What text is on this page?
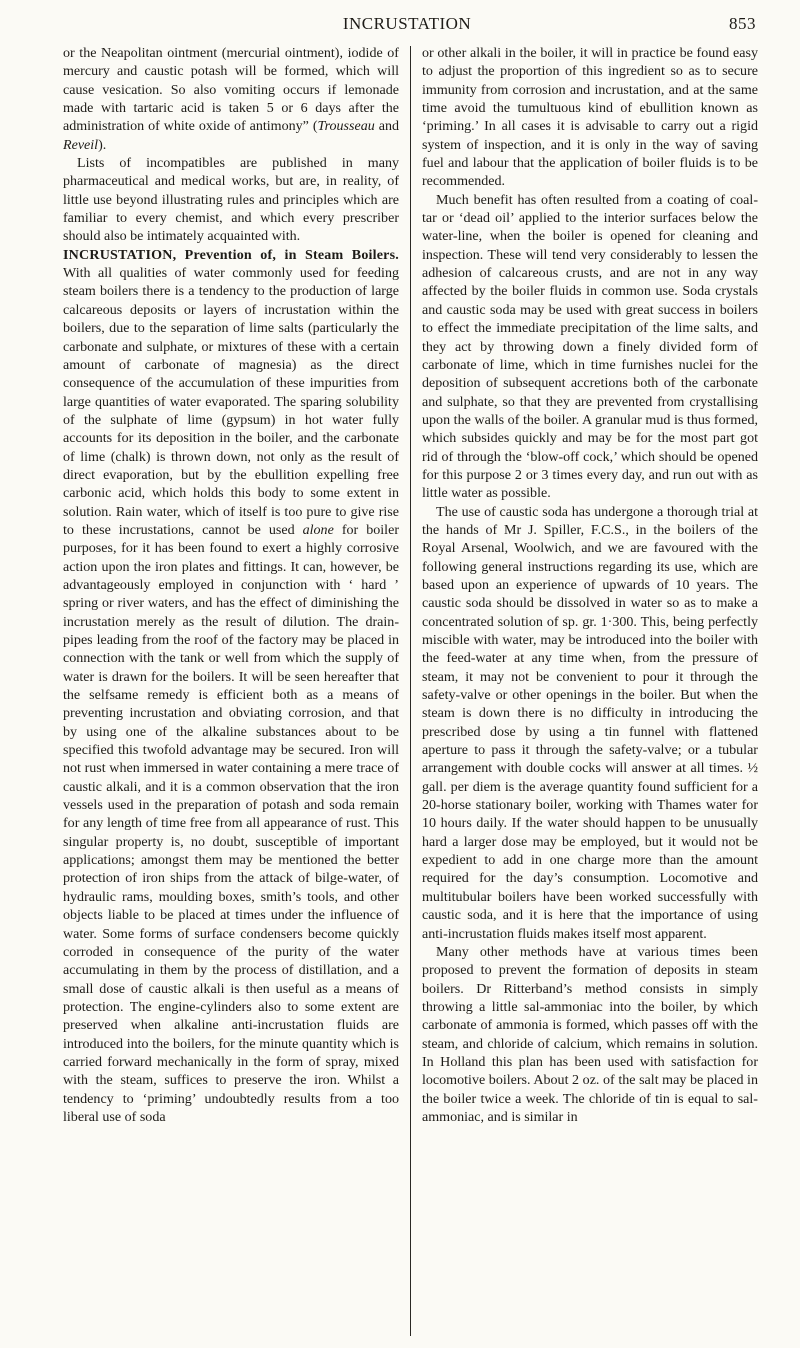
INCRUSTATION	853

or the Neapolitan ointment (mercurial ointment), iodide of mercury and caustic potash will be formed, which will cause vesication. So also vomiting occurs if lemonade made with tartaric acid is taken 5 or 6 days after the administration of white oxide of antimony” (Trousseau and Reveil).

Lists of incompatibles are published in many pharmaceutical and medical works, but are, in reality, of little use beyond illustrating rules and principles which are familiar to every chemist, and which every prescriber should also be intimately acquainted with.

INCRUSTATION, Prevention of, in Steam Boilers. With all qualities of water commonly used for feeding steam boilers there is a tendency to the production of large calcareous deposits or layers of incrustation within the boilers, due to the separation of lime salts (particularly the carbonate and sulphate, or mixtures of these with a certain amount of carbonate of magnesia) as the direct consequence of the accumulation of these impurities from large quantities of water evaporated. The sparing solubility of the sulphate of lime (gypsum) in hot water fully accounts for its deposition in the boiler, and the carbonate of lime (chalk) is thrown down, not only as the result of direct evaporation, but by the ebullition expelling free carbonic acid, which holds this body to some extent in solution. Rain water, which of itself is too pure to give rise to these incrustations, cannot be used alone for boiler purposes, for it has been found to exert a highly corrosive action upon the iron plates and fittings. It can, however, be advantageously employed in conjunction with ‘ hard ’ spring or river waters, and has the effect of diminishing the incrustation merely as the result of dilution. The drain-pipes leading from the roof of the factory may be placed in connection with the tank or well from which the supply of water is drawn for the boilers. It will be seen hereafter that the selfsame remedy is efficient both as a means of preventing incrustation and obviating corrosion, and that by using one of the alkaline substances about to be specified this twofold advantage may be secured. Iron will not rust when immersed in water containing a mere trace of caustic alkali, and it is a common observation that the iron vessels used in the preparation of potash and soda remain for any length of time free from all appearance of rust. This singular property is, no doubt, susceptible of important applications; amongst them may be mentioned the better protection of iron ships from the attack of bilge-water, of hydraulic rams, moulding boxes, smith’s tools, and other objects liable to be placed at times under the influence of water. Some forms of surface condensers become quickly corroded in consequence of the purity of the water accumulating in them by the process of distillation, and a small dose of caustic alkali is then useful as a means of protection. The engine-cylinders also to some extent are preserved when alkaline anti-incrustation fluids are introduced into the boilers, for the minute quantity which is carried forward mechanically in the form of spray, mixed with the steam, suffices to preserve the iron. Whilst a tendency to ‘priming’ undoubtedly results from a too liberal use of soda

or other alkali in the boiler, it will in practice be found easy to adjust the proportion of this ingredient so as to secure immunity from corrosion and incrustation, and at the same time avoid the tumultuous kind of ebullition known as ‘priming.’ In all cases it is advisable to carry out a rigid system of inspection, and it is only in the way of saving fuel and labour that the application of boiler fluids is to be recommended.

Much benefit has often resulted from a coating of coal-tar or ‘dead oil’ applied to the interior surfaces below the water-line, when the boiler is opened for cleaning and inspection. These will tend very considerably to lessen the adhesion of calcareous crusts, and are not in any way affected by the boiler fluids in common use. Soda crystals and caustic soda may be used with great success in boilers to effect the immediate precipitation of the lime salts, and they act by throwing down a finely divided form of carbonate of lime, which in time furnishes nuclei for the deposition of subsequent accretions both of the carbonate and sulphate, so that they are prevented from crystallising upon the walls of the boiler. A granular mud is thus formed, which subsides quickly and may be for the most part got rid of through the ‘blow-off cock,’ which should be opened for this purpose 2 or 3 times every day, and run out with as little water as possible.

The use of caustic soda has undergone a thorough trial at the hands of Mr J. Spiller, F.C.S., in the boilers of the Royal Arsenal, Woolwich, and we are favoured with the following general instructions regarding its use, which are based upon an experience of upwards of 10 years. The caustic soda should be dissolved in water so as to make a concentrated solution of sp. gr. 1·300. This, being perfectly miscible with water, may be introduced into the boiler with the feed-water at any time when, from the pressure of steam, it may not be convenient to pour it through the safety-valve or other openings in the boiler. But when the steam is down there is no difficulty in introducing the prescribed dose by using a tin funnel with flattened aperture to pass it through the safety-valve; or a tubular arrangement with double cocks will answer at all times. ½ gall. per diem is the average quantity found sufficient for a 20-horse stationary boiler, working with Thames water for 10 hours daily. If the water should happen to be unusually hard a larger dose may be employed, but it would not be expedient to add in one charge more than the amount required for the day’s consumption. Locomotive and multitubular boilers have been worked successfully with caustic soda, and it is here that the importance of using anti-incrustation fluids makes itself most apparent.

Many other methods have at various times been proposed to prevent the formation of deposits in steam boilers. Dr Ritterband’s method consists in simply throwing a little sal-ammoniac into the boiler, by which carbonate of ammonia is formed, which passes off with the steam, and chloride of calcium, which remains in solution. In Holland this plan has been used with satisfaction for locomotive boilers. About 2 oz. of the salt may be placed in the boiler twice a week. The chloride of tin is equal to sal-ammoniac, and is similar in
